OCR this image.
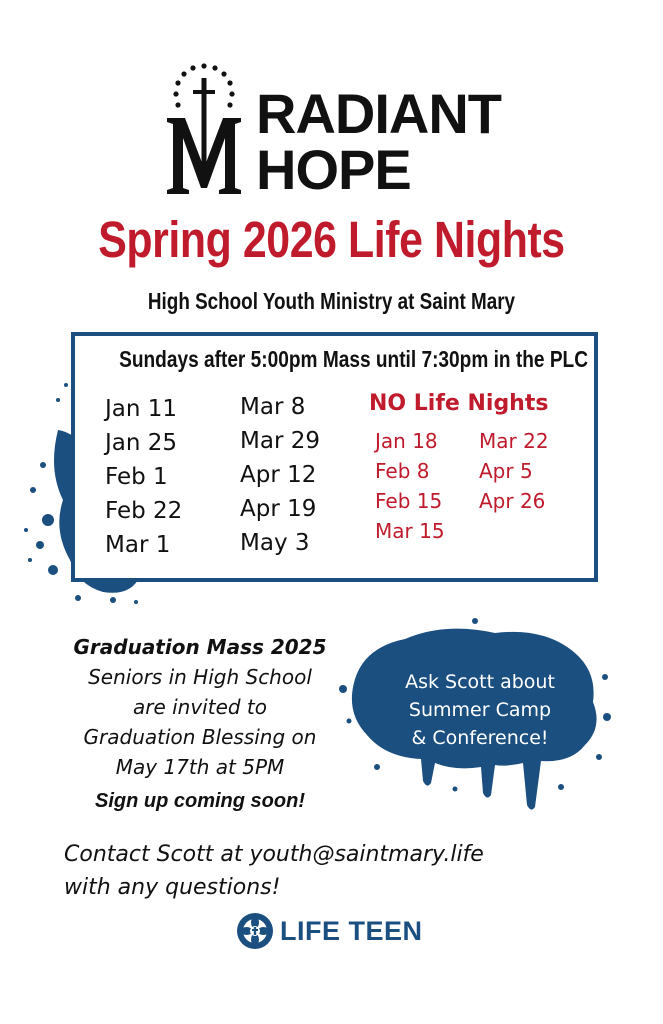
RADIANT
HOPE
Spring 2026 Life Nights
High School Youth Ministry at Saint Mary
Sundays after 5:00pm Mass until 7:30pm in the PLC
Jan 11
Jan 25
Feb 1
Feb 22
Mar 1
Mar 8
Mar 29
Apr 12
Apr 19
May 3
NO Life Nights
Jan 18
Feb 8
Feb 15
Mar 15
Mar 22
Apr 5
Apr 26
Graduation Mass 2025
Seniors in High School
are invited to
Graduation Blessing on
May 17th at 5PM
Sign up coming soon!
Ask Scott about
Summer Camp
& Conference!
Contact Scott at youth@saintmary.life
with any questions!
LIFE TEEN
